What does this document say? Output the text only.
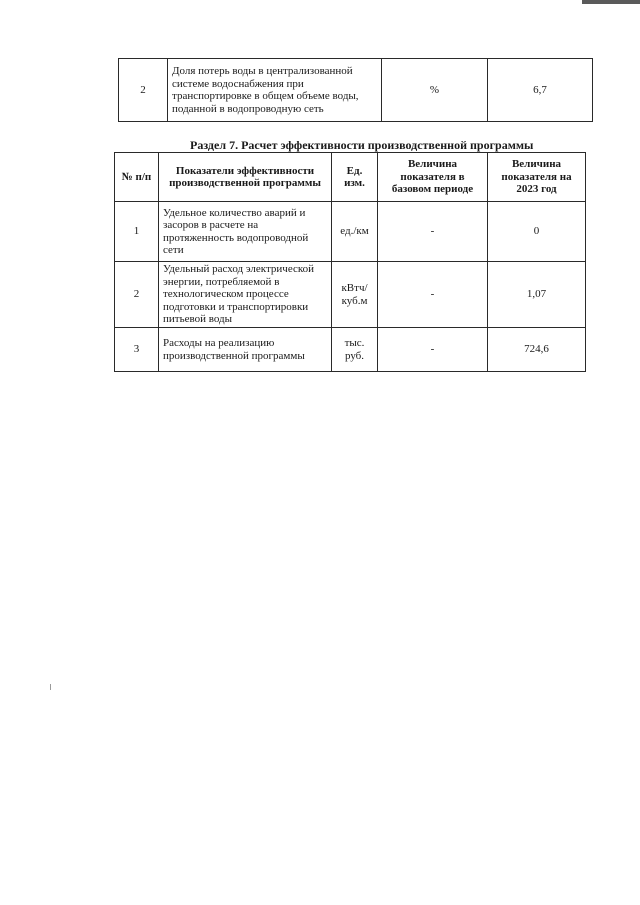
2	Доля потерь воды в централизованной системе водоснабжения при транспортировке в общем объеме воды, поданной в водопроводную сеть	%	6,7
Раздел 7. Расчет эффективности производственной программы
№ п/п	Показатели эффективности производственной программы	Ед. изм.	Величина показателя в базовом периоде	Величина показателя на 2023 год
1	Удельное количество аварий и засоров в расчете на протяженность водопроводной сети	ед./км	-	0
2	Удельный расход электрической энергии, потребляемой в технологическом процессе подготовки и транспортировки питьевой воды	кВтч/ куб.м	-	1,07
3	Расходы на реализацию производственной программы	тыс. руб.	-	724,6
